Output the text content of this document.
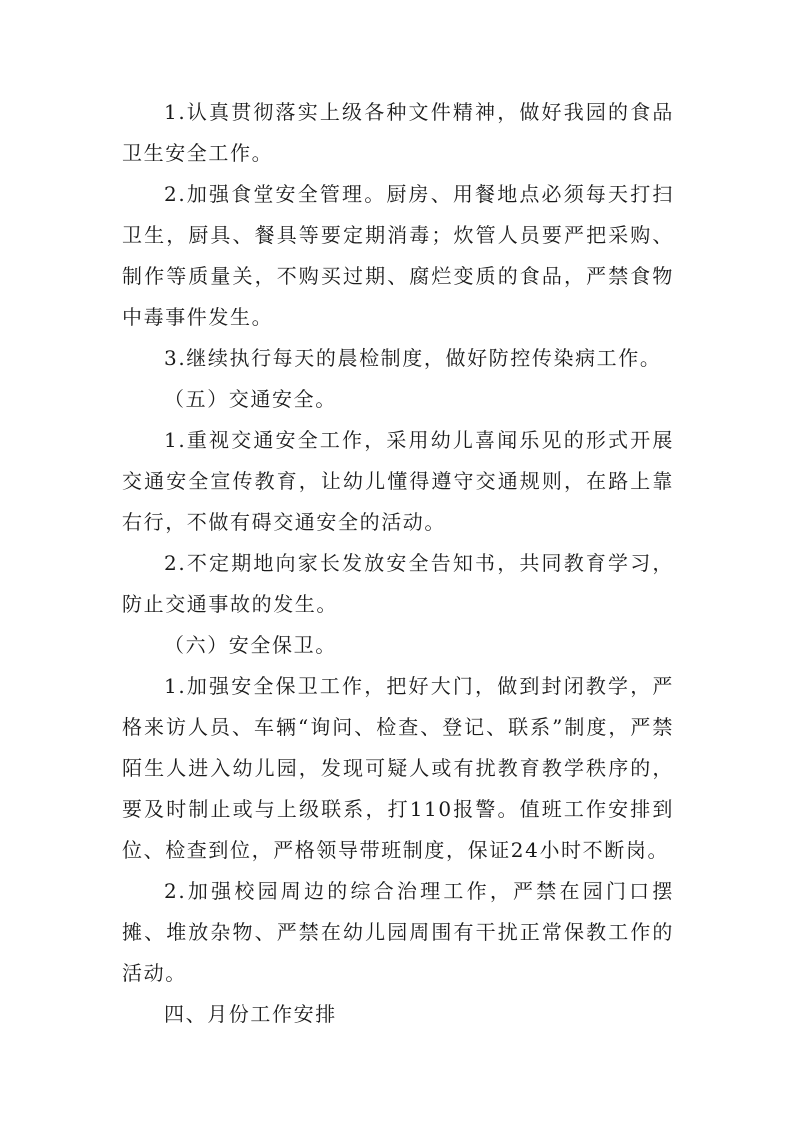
1.认真贯彻落实上级各种文件精神，做好我园的食品卫生安全工作。

2.加强食堂安全管理。厨房、用餐地点必须每天打扫卫生，厨具、餐具等要定期消毒；炊管人员要严把采购、制作等质量关，不购买过期、腐烂变质的食品，严禁食物中毒事件发生。

3.继续执行每天的晨检制度，做好防控传染病工作。

（五）交通安全。

1.重视交通安全工作，采用幼儿喜闻乐见的形式开展交通安全宣传教育，让幼儿懂得遵守交通规则，在路上靠右行，不做有碍交通安全的活动。

2.不定期地向家长发放安全告知书，共同教育学习，防止交通事故的发生。

（六）安全保卫。

1.加强安全保卫工作，把好大门，做到封闭教学，严格来访人员、车辆“询问、检查、登记、联系”制度，严禁陌生人进入幼儿园，发现可疑人或有扰教育教学秩序的，要及时制止或与上级联系，打110报警。值班工作安排到位、检查到位，严格领导带班制度，保证24小时不断岗。

2.加强校园周边的综合治理工作，严禁在园门口摆摊、堆放杂物、严禁在幼儿园周围有干扰正常保教工作的活动。

四、月份工作安排
